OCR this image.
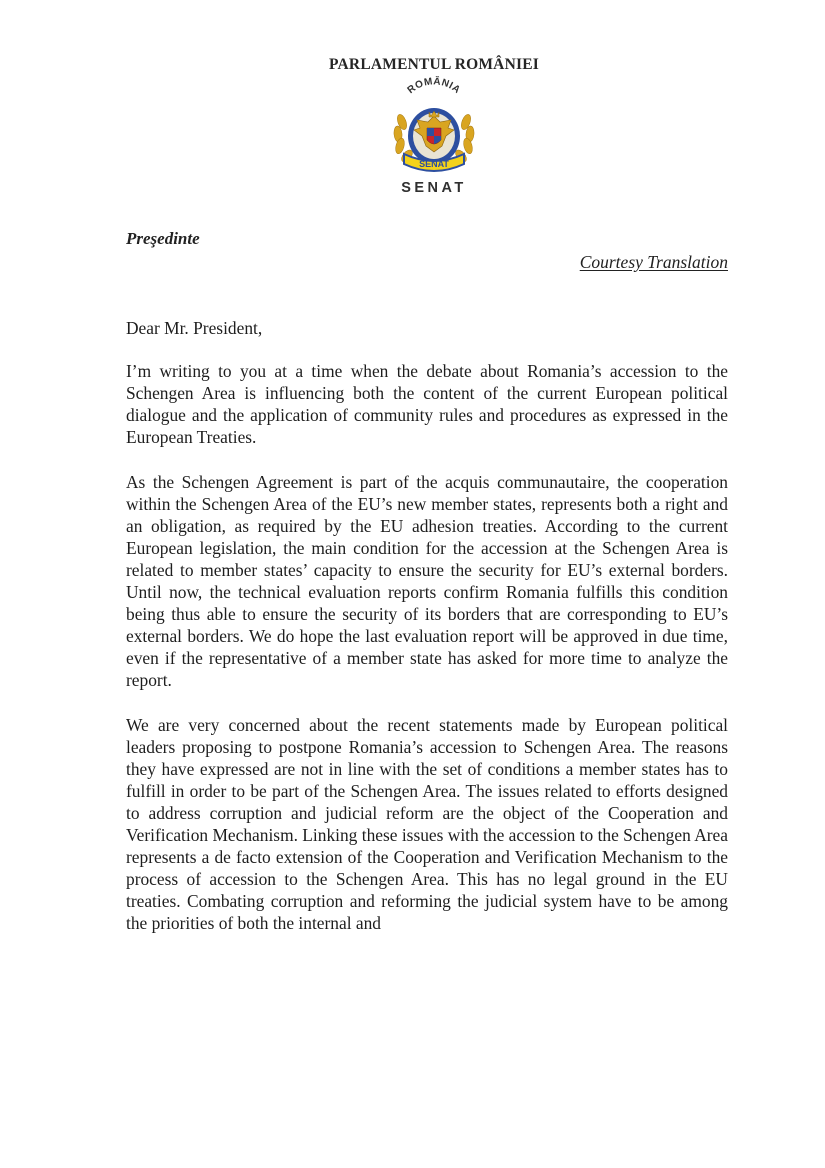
PARLAMENTUL ROMÂNIEI
ROMÂNIA
SENAT
SENAT
Preşedinte
Courtesy Translation

Dear Mr. President,

I’m writing to you at a time when the debate about Romania’s accession to the Schengen Area is influencing both the content of the current European political dialogue and the application of community rules and procedures as expressed in the European Treaties.

As the Schengen Agreement is part of the acquis communautaire, the cooperation within the Schengen Area of the EU’s new member states, represents both a right and an obligation, as required by the EU adhesion treaties. According to the current European legislation, the main condition for the accession at the Schengen Area is related to member states’ capacity to ensure the security for EU’s external borders. Until now, the technical evaluation reports confirm Romania fulfills this condition being thus able to ensure the security of its borders that are corresponding to EU’s external borders. We do hope the last evaluation report will be approved in due time, even if the representative of a member state has asked for more time to analyze the report.

We are very concerned about the recent statements made by European political leaders proposing to postpone Romania’s accession to Schengen Area. The reasons they have expressed are not in line with the set of conditions a member states has to fulfill in order to be part of the Schengen Area. The issues related to efforts designed to address corruption and judicial reform are the object of the Cooperation and Verification Mechanism. Linking these issues with the accession to the Schengen Area represents a de facto extension of the Cooperation and Verification Mechanism to the process of accession to the Schengen Area. This has no legal ground in the EU treaties. Combating corruption and reforming the judicial system have to be among the priorities of both the internal and
